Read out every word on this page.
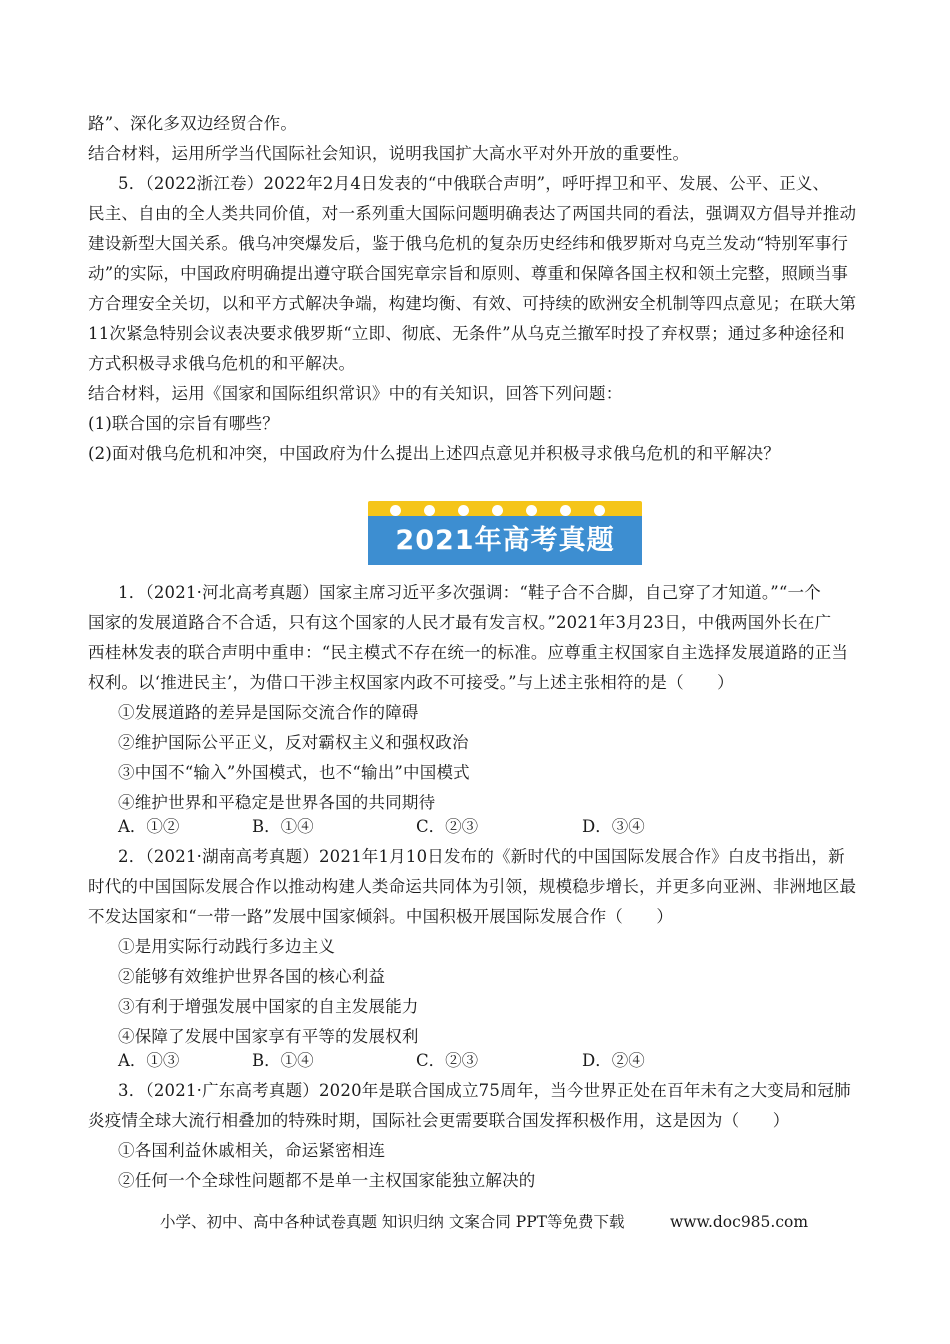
路”、深化多双边经贸合作。
结合材料，运用所学当代国际社会知识，说明我国扩大高水平对外开放的重要性。
5．（2022浙江卷）2022年2月4日发表的“中俄联合声明”，呼吁捍卫和平、发展、公平、正义、
民主、自由的全人类共同价值，对一系列重大国际问题明确表达了两国共同的看法，强调双方倡导并推动
建设新型大国关系。俄乌冲突爆发后，鉴于俄乌危机的复杂历史经纬和俄罗斯对乌克兰发动“特别军事行
动”的实际，中国政府明确提出遵守联合国宪章宗旨和原则、尊重和保障各国主权和领土完整，照顾当事
方合理安全关切，以和平方式解决争端，构建均衡、有效、可持续的欧洲安全机制等四点意见；在联大第
11次紧急特别会议表决要求俄罗斯“立即、彻底、无条件”从乌克兰撤军时投了弃权票；通过多种途径和
方式积极寻求俄乌危机的和平解决。
结合材料，运用《国家和国际组织常识》中的有关知识，回答下列问题：
(1)联合国的宗旨有哪些？
(2)面对俄乌危机和冲突，中国政府为什么提出上述四点意见并积极寻求俄乌危机的和平解决？
2021年高考真题
1．（2021·河北高考真题）国家主席习近平多次强调：“鞋子合不合脚，自己穿了才知道。”“一个
国家的发展道路合不合适，只有这个国家的人民才最有发言权。”2021年3月23日，中俄两国外长在广
西桂林发表的联合声明中重申：“民主模式不存在统一的标准。应尊重主权国家自主选择发展道路的正当
权利。以‘推进民主’，为借口干涉主权国家内政不可接受。”与上述主张相符的是（　　）
①发展道路的差异是国际交流合作的障碍
②维护国际公平正义，反对霸权主义和强权政治
③中国不“输入”外国模式，也不“输出”中国模式
④维护世界和平稳定是世界各国的共同期待
A．①②	B．①④	C．②③	D．③④
2．（2021·湖南高考真题）2021年1月10日发布的《新时代的中国国际发展合作》白皮书指出，新
时代的中国国际发展合作以推动构建人类命运共同体为引领，规模稳步增长，并更多向亚洲、非洲地区最
不发达国家和“一带一路”发展中国家倾斜。中国积极开展国际发展合作（　　）
①是用实际行动践行多边主义
②能够有效维护世界各国的核心利益
③有利于增强发展中国家的自主发展能力
④保障了发展中国家享有平等的发展权利
A．①③	B．①④	C．②③	D．②④
3．（2021·广东高考真题）2020年是联合国成立75周年，当今世界正处在百年未有之大变局和冠肺
炎疫情全球大流行相叠加的特殊时期，国际社会更需要联合国发挥积极作用，这是因为（　　）
①各国利益休戚相关，命运紧密相连
②任何一个全球性问题都不是单一主权国家能独立解决的
小学、初中、高中各种试卷真题 知识归纳 文案合同 PPT等免费下载	www.doc985.com
